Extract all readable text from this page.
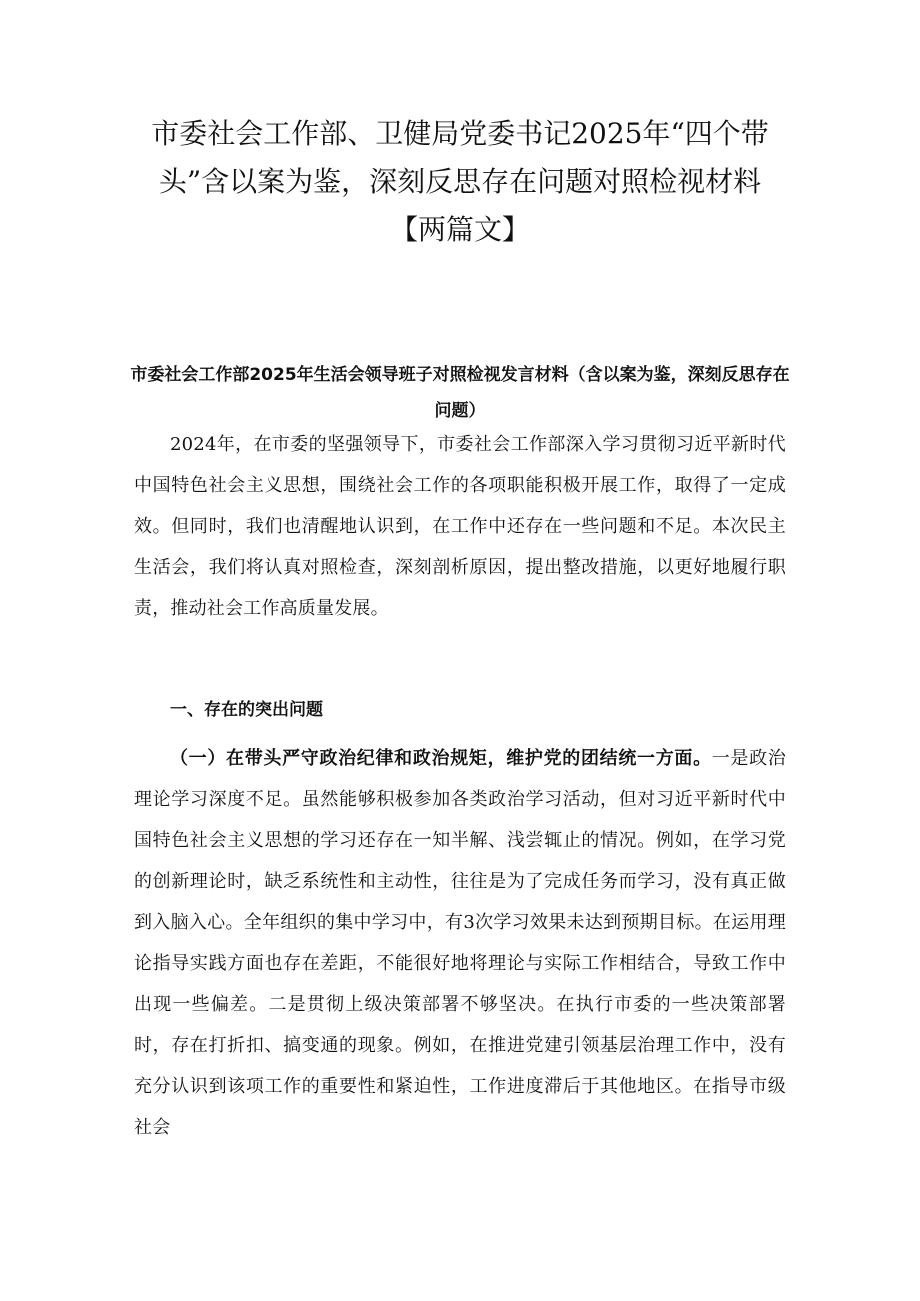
市委社会工作部、卫健局党委书记2025年“四个带头”含以案为鉴，深刻反思存在问题对照检视材料【两篇文】
市委社会工作部2025年生活会领导班子对照检视发言材料（含以案为鉴，深刻反思存在问题）

2024年，在市委的坚强领导下，市委社会工作部深入学习贯彻习近平新时代中国特色社会主义思想，围绕社会工作的各项职能积极开展工作，取得了一定成效。但同时，我们也清醒地认识到，在工作中还存在一些问题和不足。本次民主生活会，我们将认真对照检查，深刻剖析原因，提出整改措施，以更好地履行职责，推动社会工作高质量发展。

一、存在的突出问题

（一）在带头严守政治纪律和政治规矩，维护党的团结统一方面。一是政治理论学习深度不足。虽然能够积极参加各类政治学习活动，但对习近平新时代中国特色社会主义思想的学习还存在一知半解、浅尝辄止的情况。例如，在学习党的创新理论时，缺乏系统性和主动性，往往是为了完成任务而学习，没有真正做到入脑入心。全年组织的集中学习中，有3次学习效果未达到预期目标。在运用理论指导实践方面也存在差距，不能很好地将理论与实际工作相结合，导致工作中出现一些偏差。二是贯彻上级决策部署不够坚决。在执行市委的一些决策部署时，存在打折扣、搞变通的现象。例如，在推进党建引领基层治理工作中，没有充分认识到该项工作的重要性和紧迫性，工作进度滞后于其他地区。在指导市级社会
